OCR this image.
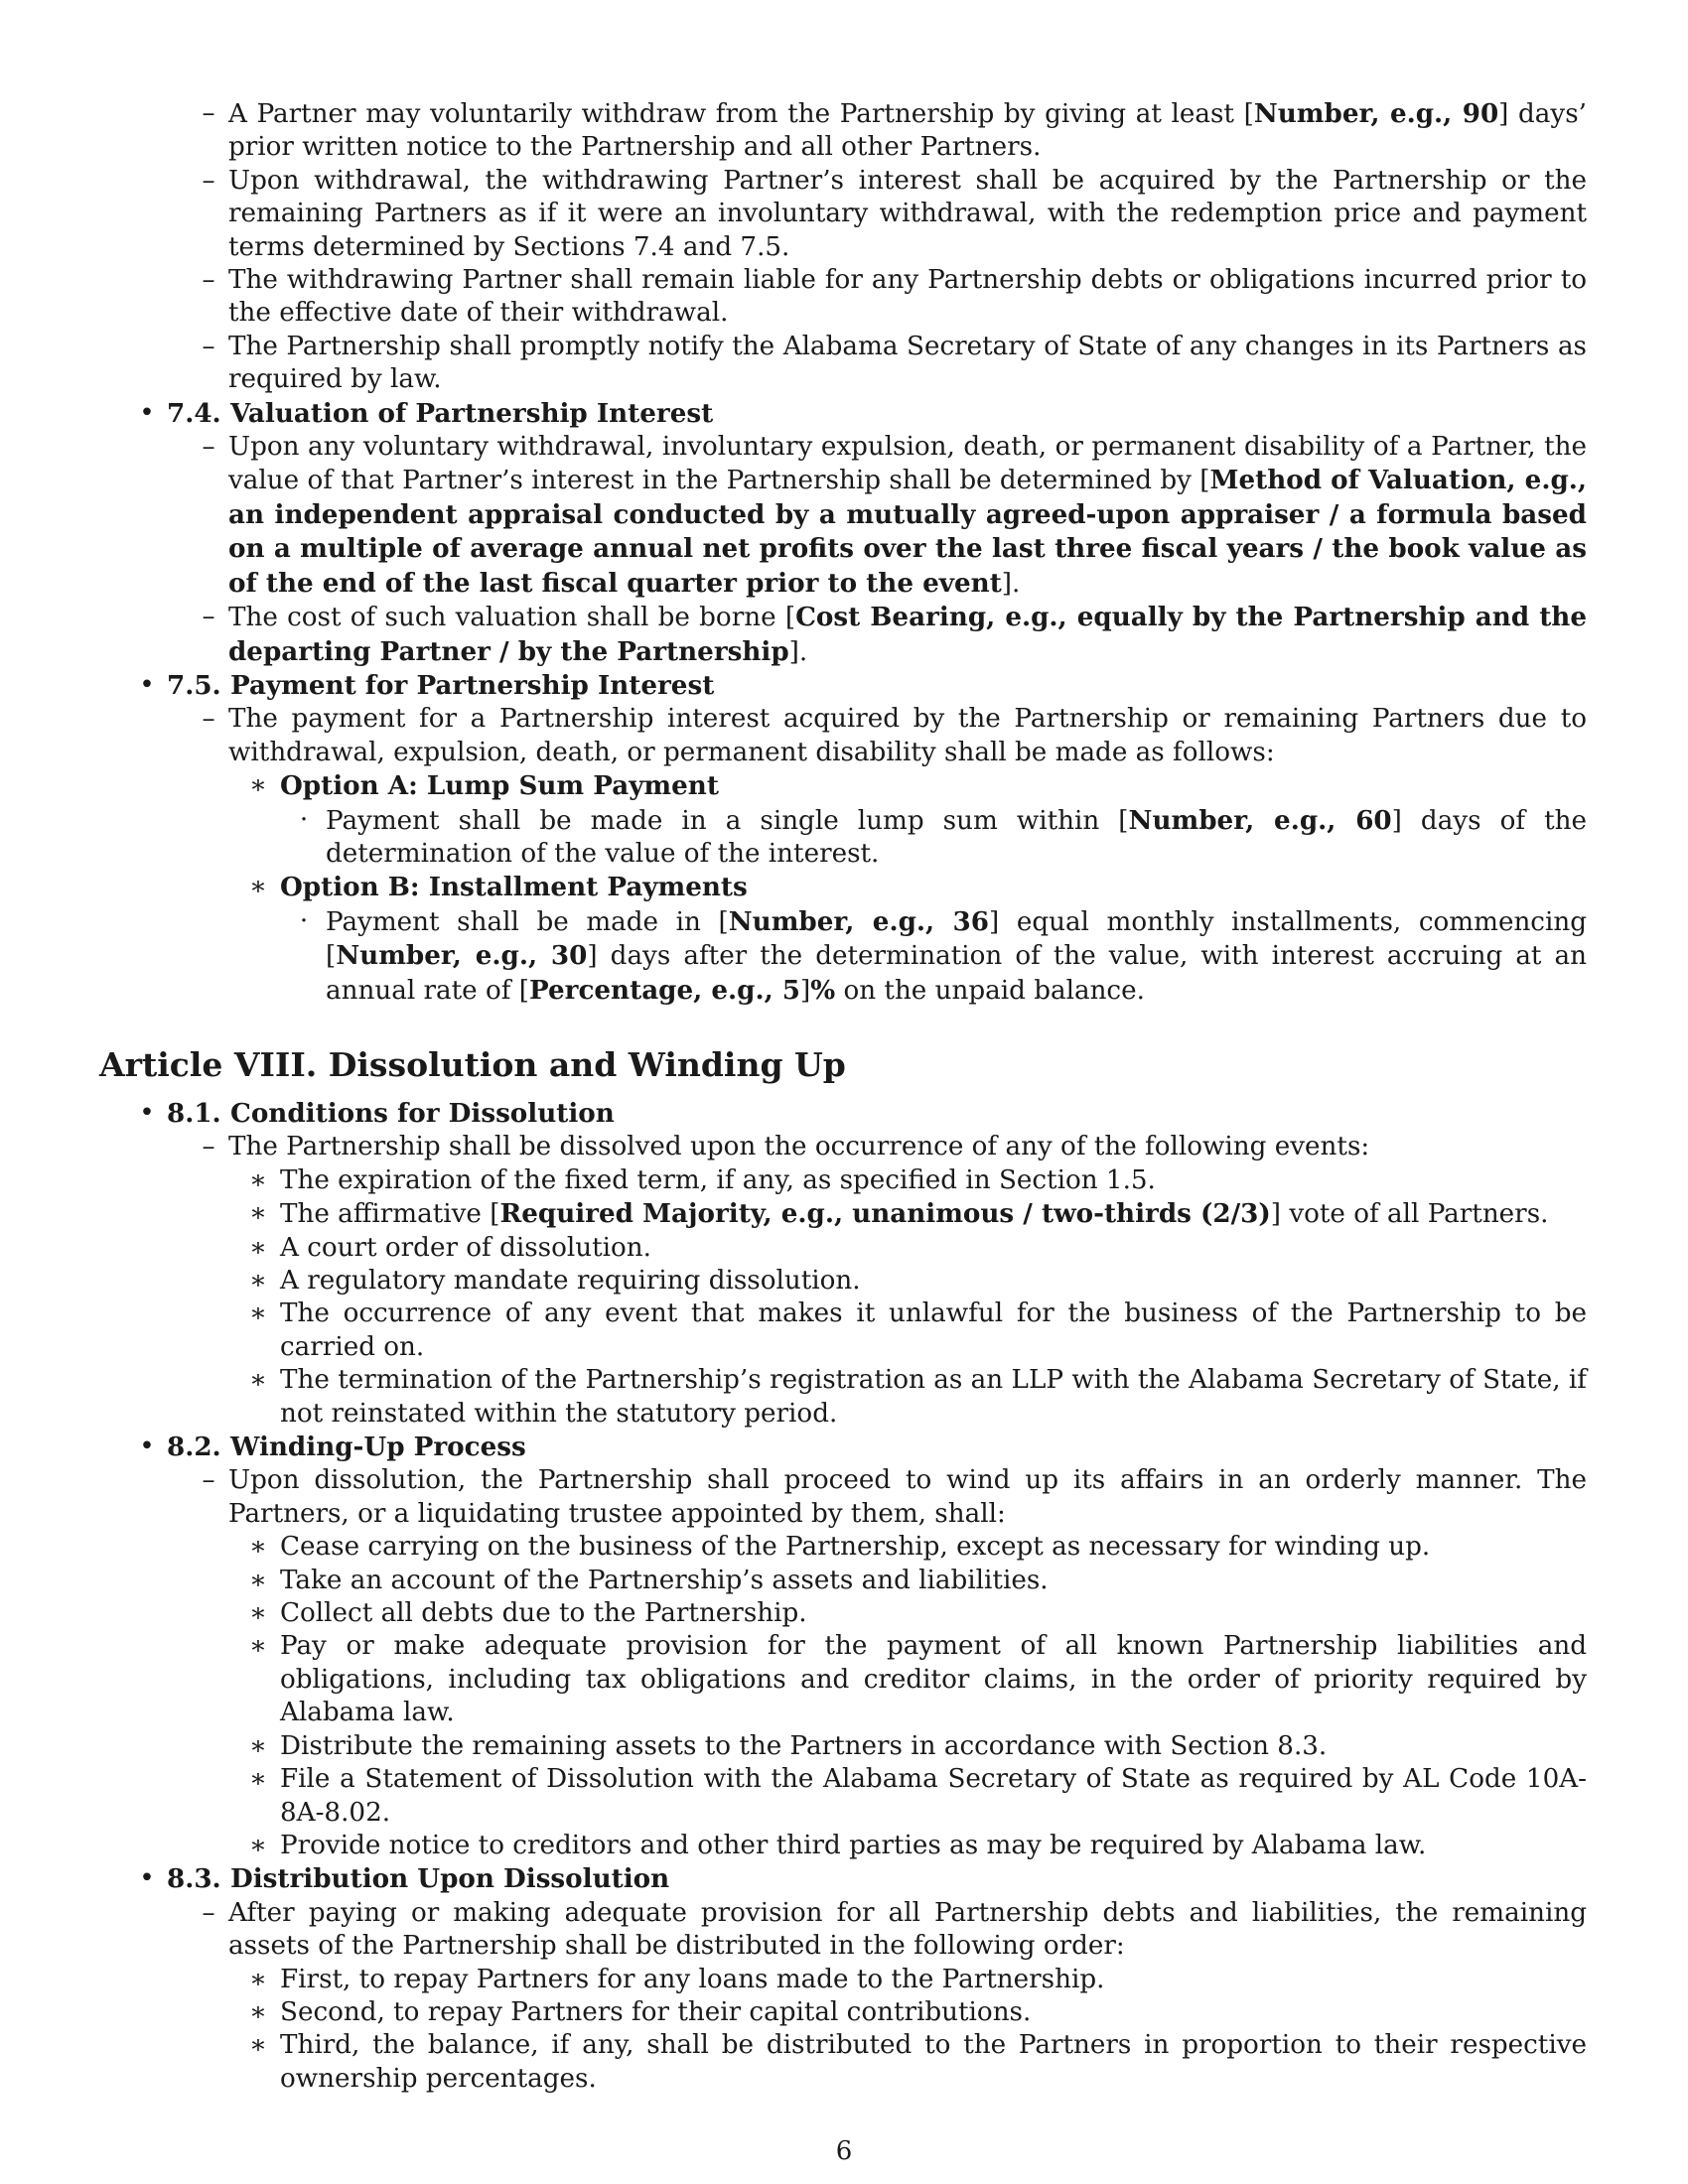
– A Partner may voluntarily withdraw from the Partnership by giving at least [Number, e.g., 90] days’ prior written notice to the Partnership and all other Partners.
– Upon withdrawal, the withdrawing Partner’s interest shall be acquired by the Partnership or the remaining Partners as if it were an involuntary withdrawal, with the redemption price and payment terms determined by Sections 7.4 and 7.5.
– The withdrawing Partner shall remain liable for any Partnership debts or obligations incurred prior to the effective date of their withdrawal.
– The Partnership shall promptly notify the Alabama Secretary of State of any changes in its Partners as required by law.
• 7.4. Valuation of Partnership Interest
– Upon any voluntary withdrawal, involuntary expulsion, death, or permanent disability of a Partner, the value of that Partner’s interest in the Partnership shall be determined by [Method of Valuation, e.g., an independent appraisal conducted by a mutually agreed-upon appraiser / a formula based on a multiple of average annual net profits over the last three fiscal years / the book value as of the end of the last fiscal quarter prior to the event].
– The cost of such valuation shall be borne [Cost Bearing, e.g., equally by the Partnership and the departing Partner / by the Partnership].
• 7.5. Payment for Partnership Interest
– The payment for a Partnership interest acquired by the Partnership or remaining Partners due to withdrawal, expulsion, death, or permanent disability shall be made as follows:
∗ Option A: Lump Sum Payment
· Payment shall be made in a single lump sum within [Number, e.g., 60] days of the determination of the value of the interest.
∗ Option B: Installment Payments
· Payment shall be made in [Number, e.g., 36] equal monthly installments, commencing [Number, e.g., 30] days after the determination of the value, with interest accruing at an annual rate of [Percentage, e.g., 5]% on the unpaid balance.
Article VIII. Dissolution and Winding Up
• 8.1. Conditions for Dissolution
– The Partnership shall be dissolved upon the occurrence of any of the following events:
∗ The expiration of the fixed term, if any, as specified in Section 1.5.
∗ The affirmative [Required Majority, e.g., unanimous / two-thirds (2/3)] vote of all Partners.
∗ A court order of dissolution.
∗ A regulatory mandate requiring dissolution.
∗ The occurrence of any event that makes it unlawful for the business of the Partnership to be carried on.
∗ The termination of the Partnership’s registration as an LLP with the Alabama Secretary of State, if not reinstated within the statutory period.
• 8.2. Winding-Up Process
– Upon dissolution, the Partnership shall proceed to wind up its affairs in an orderly manner. The Partners, or a liquidating trustee appointed by them, shall:
∗ Cease carrying on the business of the Partnership, except as necessary for winding up.
∗ Take an account of the Partnership’s assets and liabilities.
∗ Collect all debts due to the Partnership.
∗ Pay or make adequate provision for the payment of all known Partnership liabilities and obligations, including tax obligations and creditor claims, in the order of priority required by Alabama law.
∗ Distribute the remaining assets to the Partners in accordance with Section 8.3.
∗ File a Statement of Dissolution with the Alabama Secretary of State as required by AL Code 10A-8A-8.02.
∗ Provide notice to creditors and other third parties as may be required by Alabama law.
• 8.3. Distribution Upon Dissolution
– After paying or making adequate provision for all Partnership debts and liabilities, the remaining assets of the Partnership shall be distributed in the following order:
∗ First, to repay Partners for any loans made to the Partnership.
∗ Second, to repay Partners for their capital contributions.
∗ Third, the balance, if any, shall be distributed to the Partners in proportion to their respective ownership percentages.
6
